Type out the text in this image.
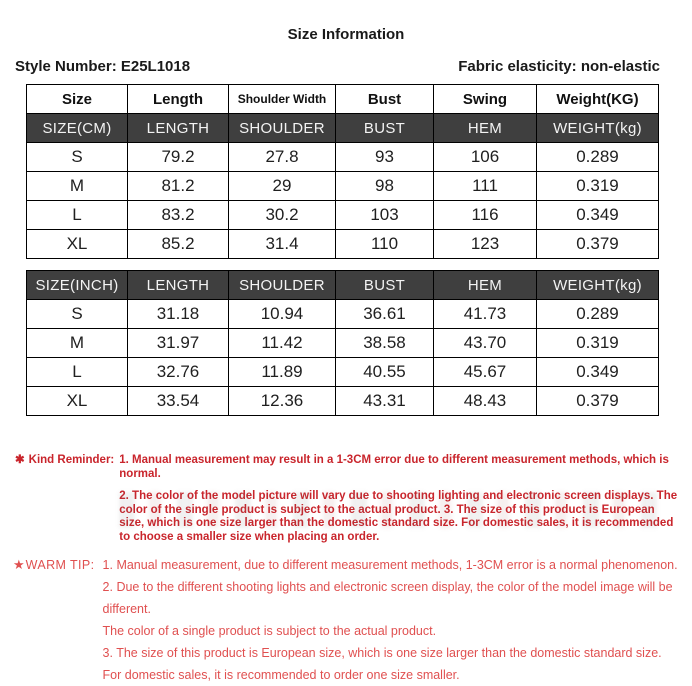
Size Information
Style Number: E25L1018	Fabric elasticity: non-elastic
Size	Length	Shoulder Width	Bust	Swing	Weight(KG)
SIZE(CM)	LENGTH	SHOULDER	BUST	HEM	WEIGHT(kg)
S	79.2	27.8	93	106	0.289
M	81.2	29	98	111	0.319
L	83.2	30.2	103	116	0.349
XL	85.2	31.4	110	123	0.379
SIZE(INCH)	LENGTH	SHOULDER	BUST	HEM	WEIGHT(kg)
S	31.18	10.94	36.61	41.73	0.289
M	31.97	11.42	38.58	43.70	0.319
L	32.76	11.89	40.55	45.67	0.349
XL	33.54	12.36	43.31	48.43	0.379
✱ Kind Reminder: 1. Manual measurement may result in a 1-3CM error due to different measurement methods, which is normal.
2. The color of the model picture will vary due to shooting lighting and electronic screen displays. The color of the single product is subject to the actual product. 3. The size of this product is European size, which is one size larger than the domestic standard size. For domestic sales, it is recommended to choose a smaller size when placing an order.
★ WARM TIP: 1. Manual measurement, due to different measurement methods, 1-3CM error is a normal phenomenon.
2. Due to the different shooting lights and electronic screen display, the color of the model image will be different.
The color of a single product is subject to the actual product.
3. The size of this product is European size, which is one size larger than the domestic standard size.
For domestic sales, it is recommended to order one size smaller.
